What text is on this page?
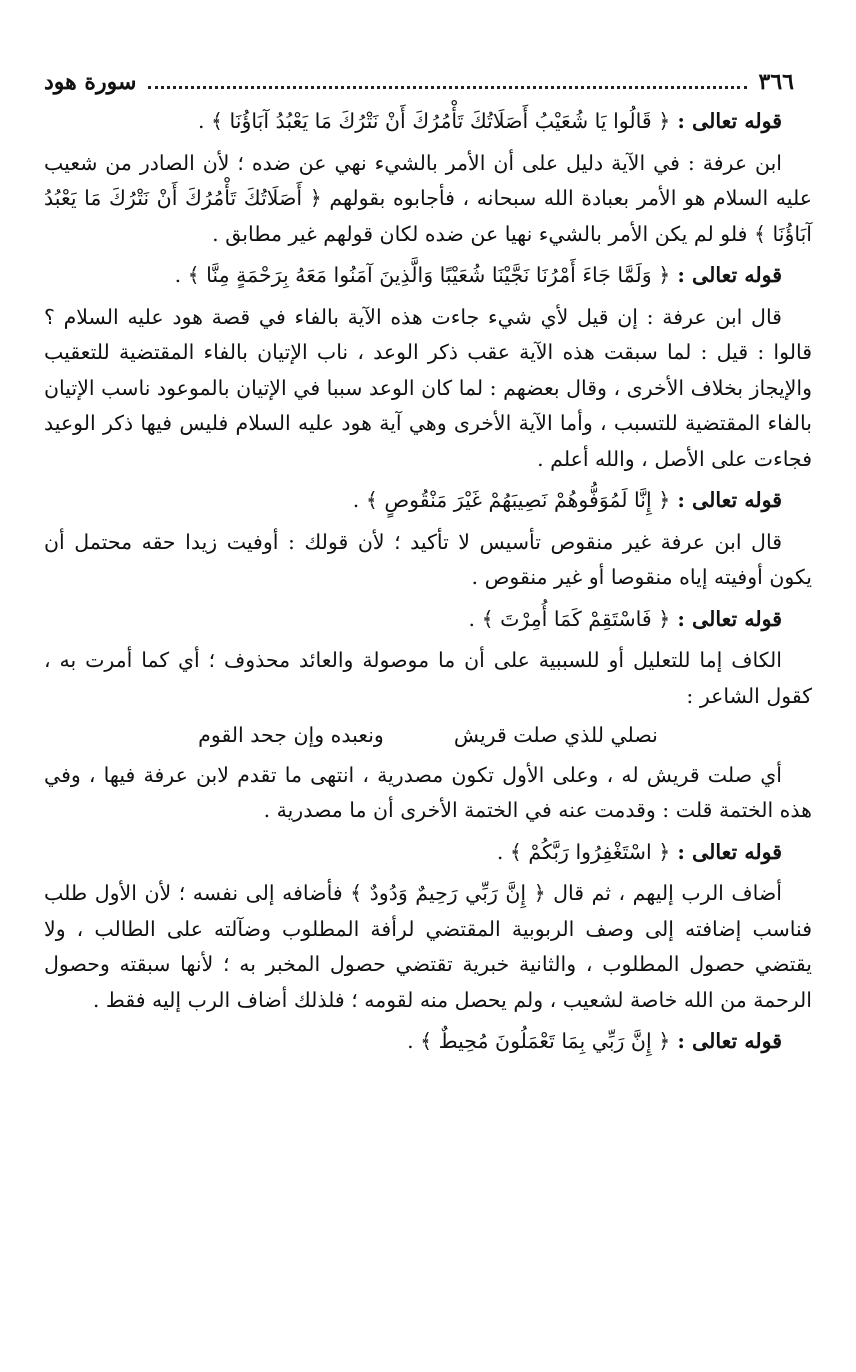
٣٦٦
سورة هود

قوله تعالى : ﴿ قَالُوا يَا شُعَيْبُ أَصَلَاتُكَ تَأْمُرُكَ أَنْ نَتْرُكَ مَا يَعْبُدُ آبَاؤُنَا ﴾ .

ابن عرفة : في الآية دليل على أن الأمر بالشيء نهي عن ضده ؛ لأن الصادر من شعيب عليه السلام هو الأمر بعبادة الله سبحانه ، فأجابوه بقولهم ﴿ أَصَلَاتُكَ تَأْمُرُكَ أَنْ نَتْرُكَ مَا يَعْبُدُ آبَاؤُنَا ﴾ فلو لم يكن الأمر بالشيء نهيا عن ضده لكان قولهم غير مطابق .

قوله تعالى : ﴿ وَلَمَّا جَاءَ أَمْرُنَا نَجَّيْنَا شُعَيْبًا وَالَّذِينَ آمَنُوا مَعَهُ بِرَحْمَةٍ مِنَّا ﴾ .

قال ابن عرفة : إن قيل لأي شيء جاءت هذه الآية بالفاء في قصة هود عليه السلام ؟ قالوا : قيل : لما سبقت هذه الآية عقب ذكر الوعد ، ناب الإتيان بالفاء المقتضية للتعقيب والإيجاز بخلاف الأخرى ، وقال بعضهم : لما كان الوعد سببا في الإتيان بالموعود ناسب الإتيان بالفاء المقتضية للتسبب ، وأما الآية الأخرى وهي آية هود عليه السلام فليس فيها ذكر الوعيد فجاءت على الأصل ، والله أعلم .

قوله تعالى : ﴿ إِنَّا لَمُوَفُّوهُمْ نَصِيبَهُمْ غَيْرَ مَنْقُوصٍ ﴾ .

قال ابن عرفة غير منقوص تأسيس لا تأكيد ؛ لأن قولك : أوفيت زيدا حقه محتمل أن يكون أوفيته إياه منقوصا أو غير منقوص .

قوله تعالى : ﴿ فَاسْتَقِمْ كَمَا أُمِرْتَ ﴾ .

الكاف إما للتعليل أو للسببية على أن ما موصولة والعائد محذوف ؛ أي كما أمرت به ، كقول الشاعر :

نصلي للذي صلت قريش
ونعبده وإن جحد القوم

أي صلت قريش له ، وعلى الأول تكون مصدرية ، انتهى ما تقدم لابن عرفة فيها ، وفي هذه الختمة قلت : وقدمت عنه في الختمة الأخرى أن ما مصدرية .

قوله تعالى : ﴿ اسْتَغْفِرُوا رَبَّكُمْ ﴾ .

أضاف الرب إليهم ، ثم قال ﴿ إِنَّ رَبِّي رَحِيمٌ وَدُودٌ ﴾ فأضافه إلى نفسه ؛ لأن الأول طلب فناسب إضافته إلى وصف الربوبية المقتضي لرأفة المطلوب وضآلته على الطالب ، ولا يقتضي حصول المطلوب ، والثانية خبرية تقتضي حصول المخبر به ؛ لأنها سبقته وحصول الرحمة من الله خاصة لشعيب ، ولم يحصل منه لقومه ؛ فلذلك أضاف الرب إليه فقط .

قوله تعالى : ﴿ إِنَّ رَبِّي بِمَا تَعْمَلُونَ مُحِيطٌ ﴾ .
